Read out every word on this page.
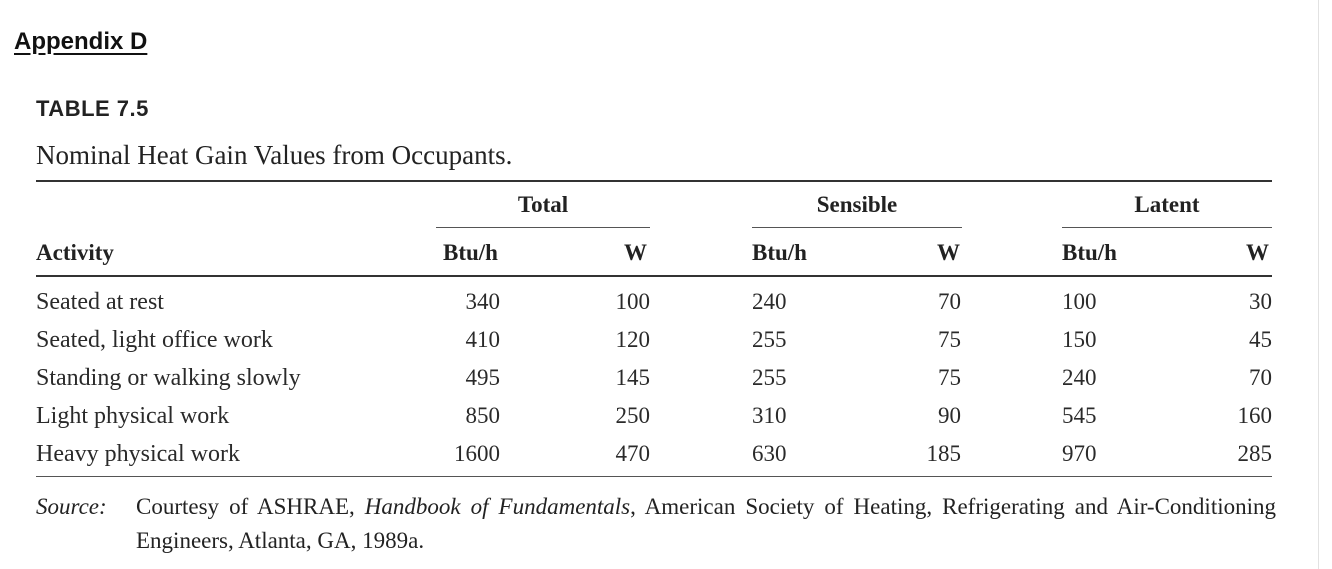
Appendix D
TABLE 7.5
Nominal Heat Gain Values from Occupants.
Total	Sensible	Latent
Activity	Btu/h	W	Btu/h	W	Btu/h	W
Seated at rest	340	100	240	70	100	30
Seated, light office work	410	120	255	75	150	45
Standing or walking slowly	495	145	255	75	240	70
Light physical work	850	250	310	90	545	160
Heavy physical work	1600	470	630	185	970	285
Source: Courtesy of ASHRAE, Handbook of Fundamentals, American Society of Heating, Refrigerating and Air-Conditioning Engineers, Atlanta, GA, 1989a.
